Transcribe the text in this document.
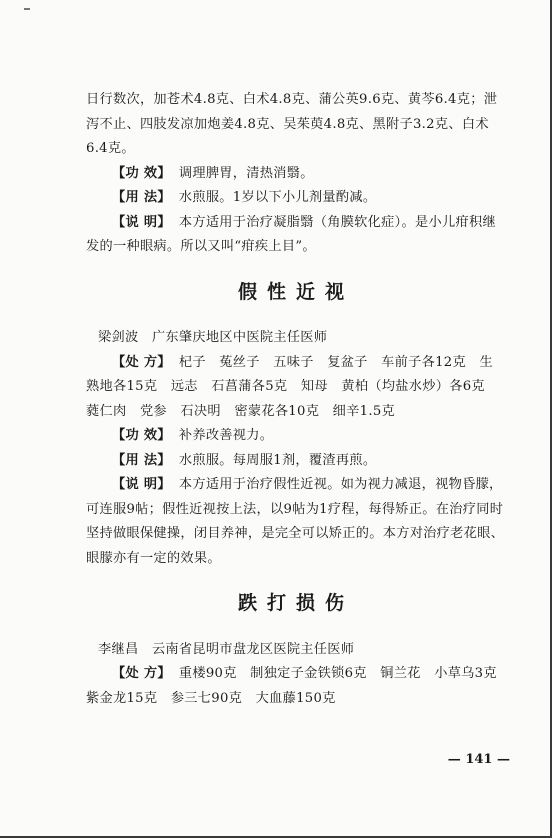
日行数次，加苍术4.8克、白术4.8克、蒲公英9.6克、黄芩6.4克；泄泻不止、四肢发凉加炮姜4.8克、吴茱萸4.8克、黑附子3.2克、白术6.4克。

【功 效】 调理脾胃，清热消翳。

【用 法】 水煎服。1岁以下小儿剂量酌减。

【说 明】 本方适用于治疗凝脂翳（角膜软化症）。是小儿疳积继发的一种眼病。所以又叫“疳疾上目”。

假性近视

梁剑波　广东肇庆地区中医院主任医师

【处 方】 杞子　菟丝子　五味子　复盆子　车前子各12克　生熟地各15克　远志　石菖蒲各5克　知母　黄柏（均盐水炒）各6克　蕤仁肉　党参　石决明　密蒙花各10克　细辛1.5克

【功 效】 补养改善视力。

【用 法】 水煎服。每周服1剂，覆渣再煎。

【说 明】 本方适用于治疗假性近视。如为视力减退，视物昏朦，可连服9帖；假性近视按上法，以9帖为1疗程，每得矫正。在治疗同时坚持做眼保健操，闭目养神，是完全可以矫正的。本方对治疗老花眼、眼朦亦有一定的效果。

跌打损伤

李继昌　云南省昆明市盘龙区医院主任医师

【处 方】 重楼90克　制独定子金铁锁6克　铜兰花　小草乌3克　紫金龙15克　参三七90克　大血藤150克

— 141 —
